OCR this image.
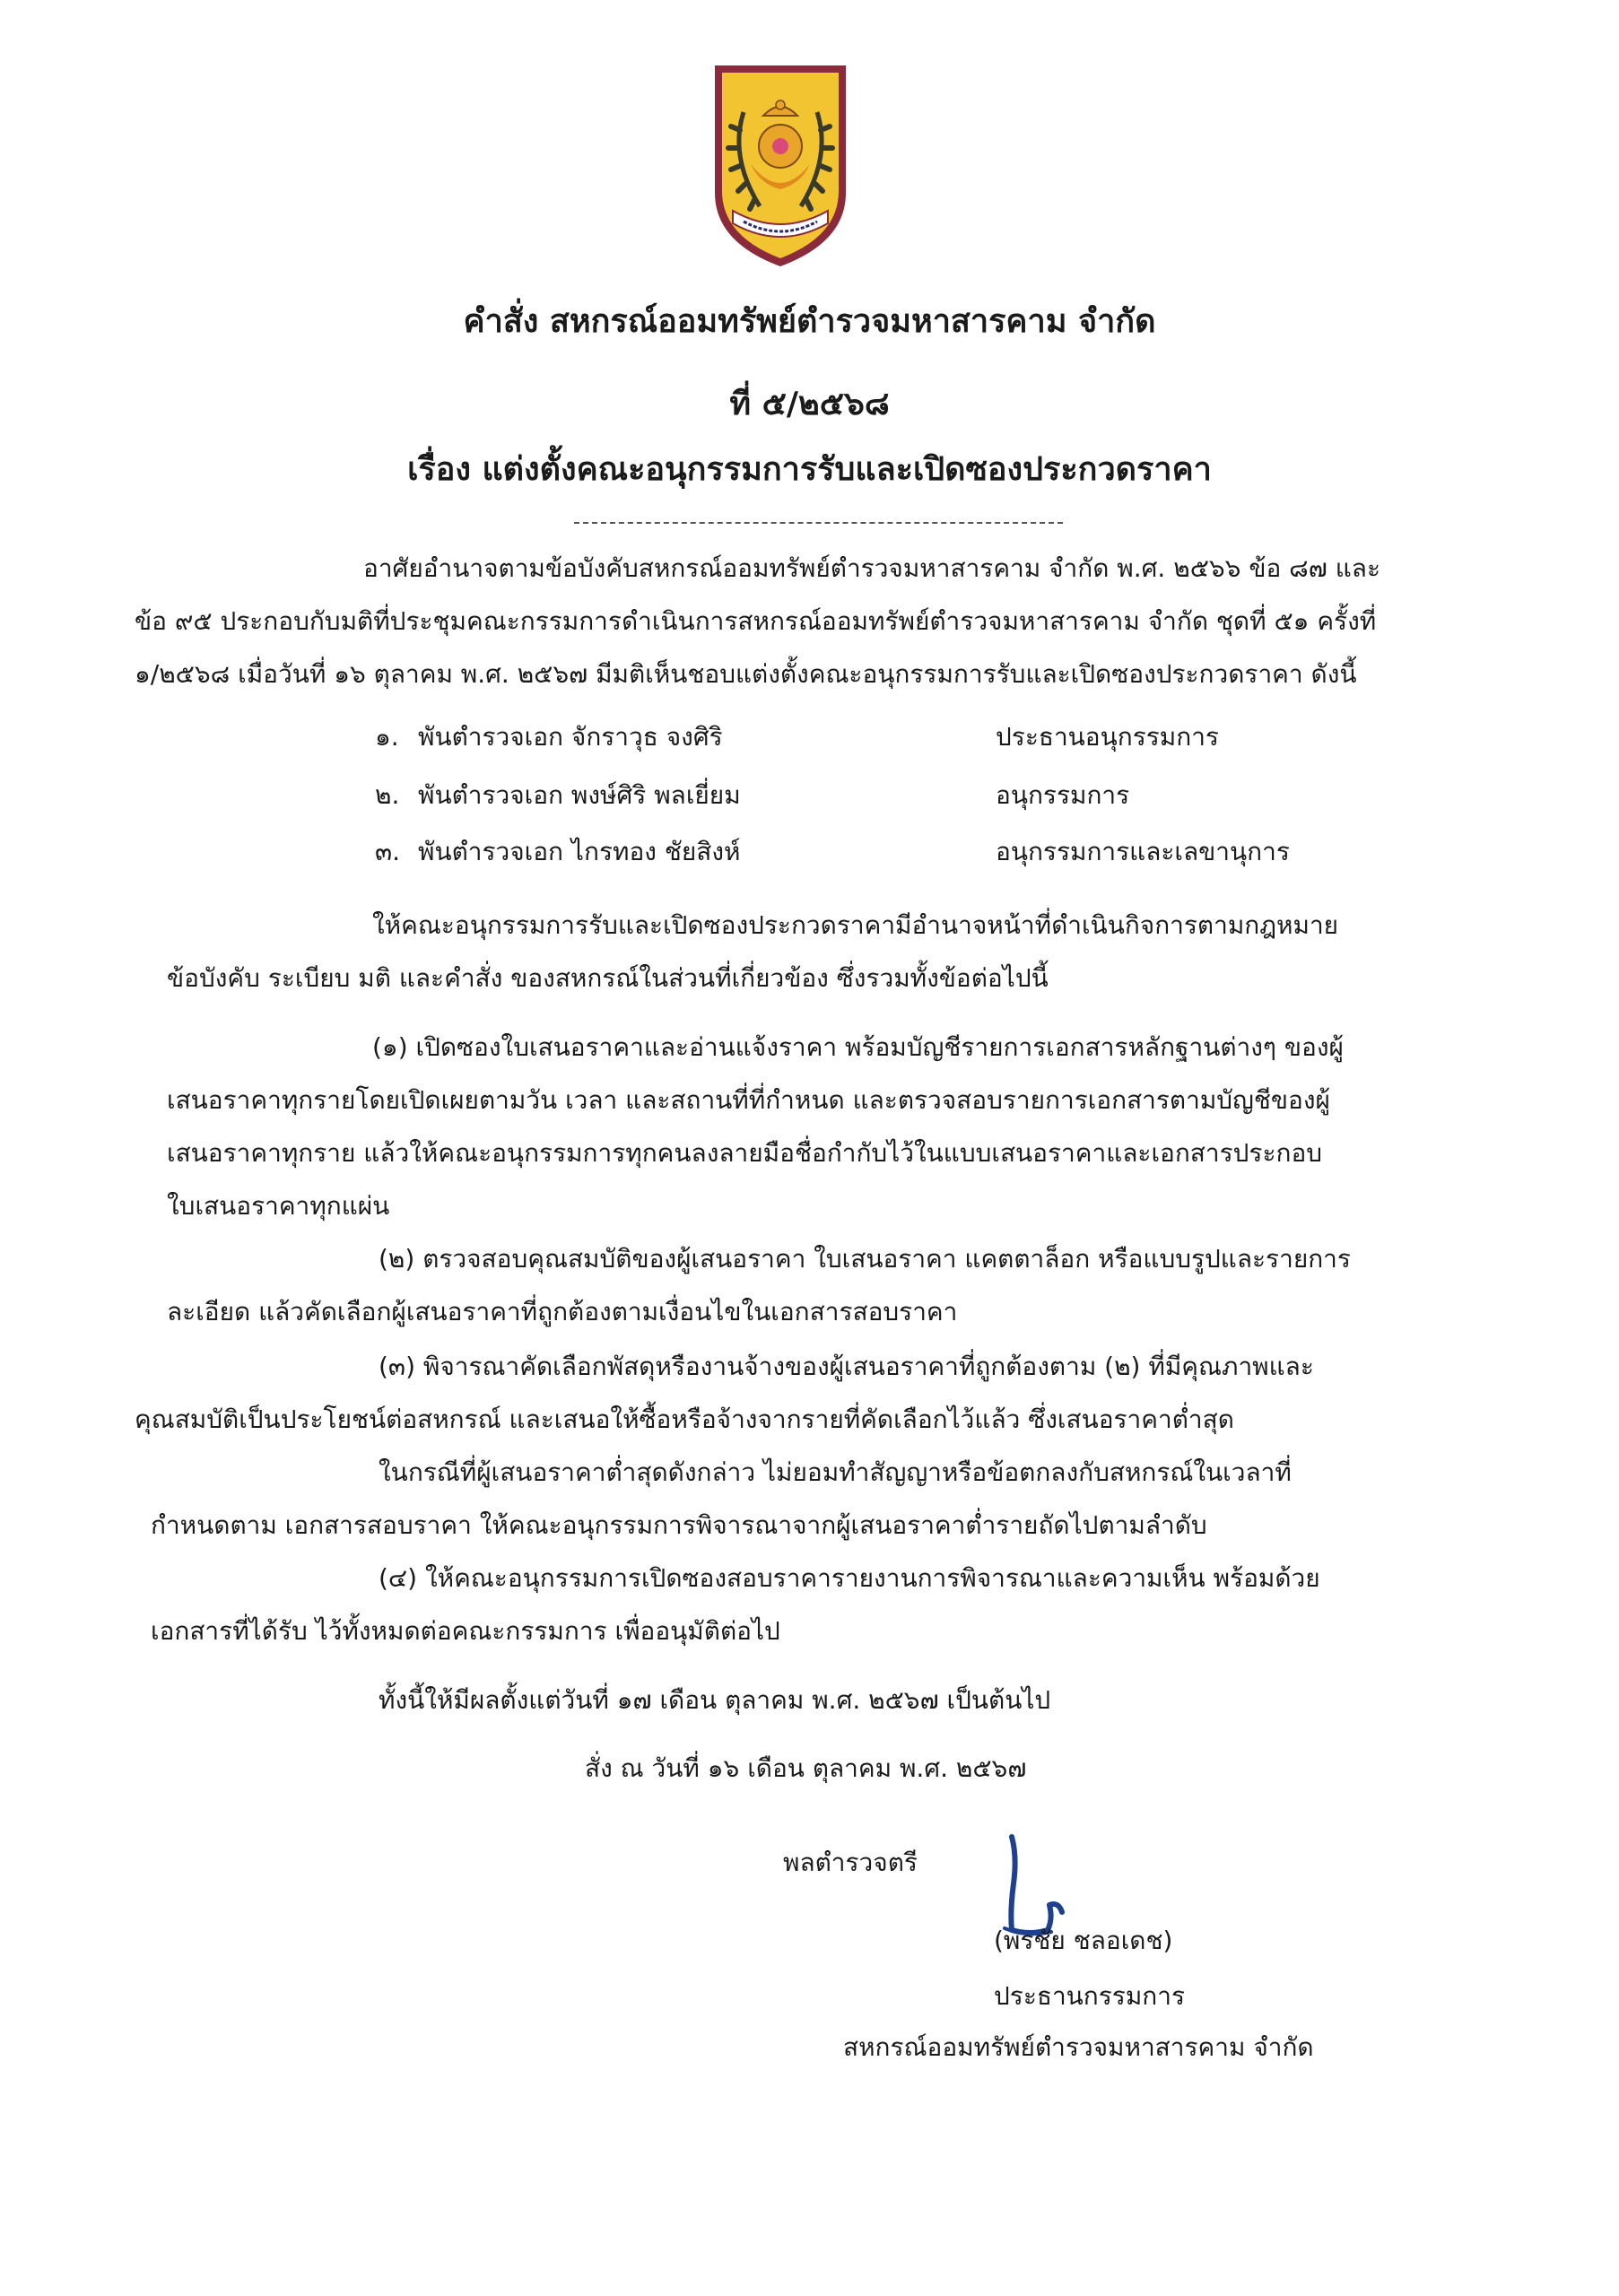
คำสั่ง สหกรณ์ออมทรัพย์ตำรวจมหาสารคาม จำกัด
ที่ ๕/๒๕๖๘
เรื่อง แต่งตั้งคณะอนุกรรมการรับและเปิดซองประกวดราคา
อาศัยอำนาจตามข้อบังคับสหกรณ์ออมทรัพย์ตำรวจมหาสารคาม จำกัด พ.ศ. ๒๕๖๖ ข้อ ๘๗ และ
ข้อ ๙๕ ประกอบกับมติที่ประชุมคณะกรรมการดำเนินการสหกรณ์ออมทรัพย์ตำรวจมหาสารคาม จำกัด ชุดที่ ๕๑ ครั้งที่
๑/๒๕๖๘ เมื่อวันที่ ๑๖ ตุลาคม พ.ศ. ๒๕๖๗ มีมติเห็นชอบแต่งตั้งคณะอนุกรรมการรับและเปิดซองประกวดราคา ดังนี้
๑. พันตำรวจเอก จักราวุธ จงศิริ	ประธานอนุกรรมการ
๒. พันตำรวจเอก พงษ์ศิริ พลเยี่ยม	อนุกรรมการ
๓. พันตำรวจเอก ไกรทอง ชัยสิงห์	อนุกรรมการและเลขานุการ
ให้คณะอนุกรรมการรับและเปิดซองประกวดราคามีอำนาจหน้าที่ดำเนินกิจการตามกฎหมาย
ข้อบังคับ ระเบียบ มติ และคำสั่ง ของสหกรณ์ในส่วนที่เกี่ยวข้อง ซึ่งรวมทั้งข้อต่อไปนี้
(๑) เปิดซองใบเสนอราคาและอ่านแจ้งราคา พร้อมบัญชีรายการเอกสารหลักฐานต่างๆ ของผู้
เสนอราคาทุกรายโดยเปิดเผยตามวัน เวลา และสถานที่ที่กำหนด และตรวจสอบรายการเอกสารตามบัญชีของผู้
เสนอราคาทุกราย แล้วให้คณะอนุกรรมการทุกคนลงลายมือชื่อกำกับไว้ในแบบเสนอราคาและเอกสารประกอบ
ใบเสนอราคาทุกแผ่น
(๒) ตรวจสอบคุณสมบัติของผู้เสนอราคา ใบเสนอราคา แคตตาล็อก หรือแบบรูปและรายการ
ละเอียด แล้วคัดเลือกผู้เสนอราคาที่ถูกต้องตามเงื่อนไขในเอกสารสอบราคา
(๓) พิจารณาคัดเลือกพัสดุหรืองานจ้างของผู้เสนอราคาที่ถูกต้องตาม (๒) ที่มีคุณภาพและ
คุณสมบัติเป็นประโยชน์ต่อสหกรณ์ และเสนอให้ซื้อหรือจ้างจากรายที่คัดเลือกไว้แล้ว ซึ่งเสนอราคาต่ำสุด
ในกรณีที่ผู้เสนอราคาต่ำสุดดังกล่าว ไม่ยอมทำสัญญาหรือข้อตกลงกับสหกรณ์ในเวลาที่
กำหนดตาม เอกสารสอบราคา ให้คณะอนุกรรมการพิจารณาจากผู้เสนอราคาต่ำรายถัดไปตามลำดับ
(๔) ให้คณะอนุกรรมการเปิดซองสอบราคารายงานการพิจารณาและความเห็น พร้อมด้วย
เอกสารที่ได้รับ ไว้ทั้งหมดต่อคณะกรรมการ เพื่ออนุมัติต่อไป
ทั้งนี้ให้มีผลตั้งแต่วันที่ ๑๗ เดือน ตุลาคม พ.ศ. ๒๕๖๗ เป็นต้นไป
สั่ง ณ วันที่ ๑๖ เดือน ตุลาคม พ.ศ. ๒๕๖๗
พลตำรวจตรี
(พรชัย ชลอเดช)
ประธานกรรมการ
สหกรณ์ออมทรัพย์ตำรวจมหาสารคาม จำกัด
